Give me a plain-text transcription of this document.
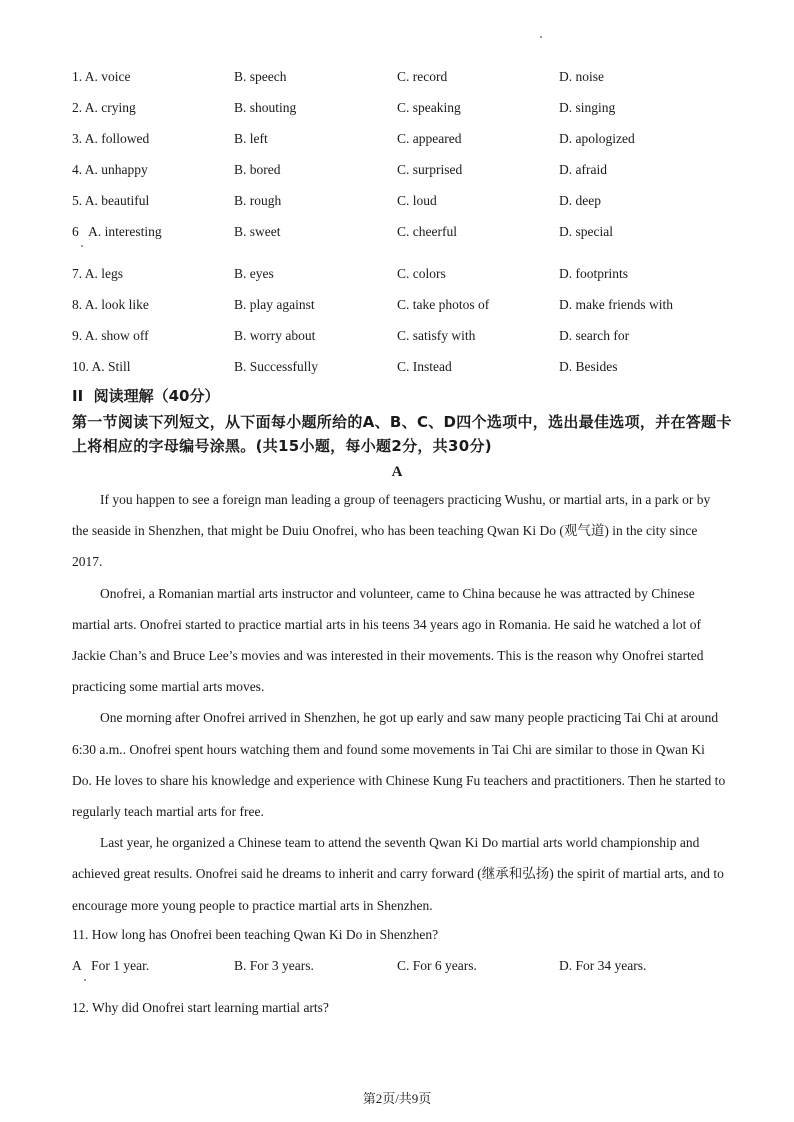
1. A. voice	B. speech	C. record	D. noise
2. A. crying	B. shouting	C. speaking	D. singing
3. A. followed	B. left	C. appeared	D. apologized
4. A. unhappy	B. bored	C. surprised	D. afraid
5. A. beautiful	B. rough	C. loud	D. deep
6   A. interesting	B. sweet	C. cheerful	D. special
7. A. legs	B. eyes	C. colors	D. footprints
8. A. look like	B. play against	C. take photos of	D. make friends with
9. A. show off	B. worry about	C. satisfy with	D. search for
10. A. Still	B. Successfully	C. Instead	D. Besides
II  阅读理解（40分）
第一节阅读下列短文，从下面每小题所给的A、B、C、D四个选项中，选出最佳选项，并在答题卡上将相应的字母编号涂黑。(共15小题，每小题2分，共30分)
A

If you happen to see a foreign man leading a group of teenagers practicing Wushu, or martial arts, in a park or by the seaside in Shenzhen, that might be Duiu Onofrei, who has been teaching Qwan Ki Do (观气道) in the city since 2017.

Onofrei, a Romanian martial arts instructor and volunteer, came to China because he was attracted by Chinese martial arts. Onofrei started to practice martial arts in his teens 34 years ago in Romania. He said he watched a lot of Jackie Chan’s and Bruce Lee’s movies and was interested in their movements. This is the reason why Onofrei started practicing some martial arts moves.

One morning after Onofrei arrived in Shenzhen, he got up early and saw many people practicing Tai Chi at around 6:30 a.m.. Onofrei spent hours watching them and found some movements in Tai Chi are similar to those in Qwan Ki Do. He loves to share his knowledge and experience with Chinese Kung Fu teachers and practitioners. Then he started to regularly teach martial arts for free.

Last year, he organized a Chinese team to attend the seventh Qwan Ki Do martial arts world championship and achieved great results. Onofrei said he dreams to inherit and carry forward (继承和弘扬) the spirit of martial arts, and to encourage more young people to practice martial arts in Shenzhen.

11. How long has Onofrei been teaching Qwan Ki Do in Shenzhen?
A   For 1 year.	B. For 3 years.	C. For 6 years.	D. For 34 years.
12. Why did Onofrei start learning martial arts?
第2页/共9页
